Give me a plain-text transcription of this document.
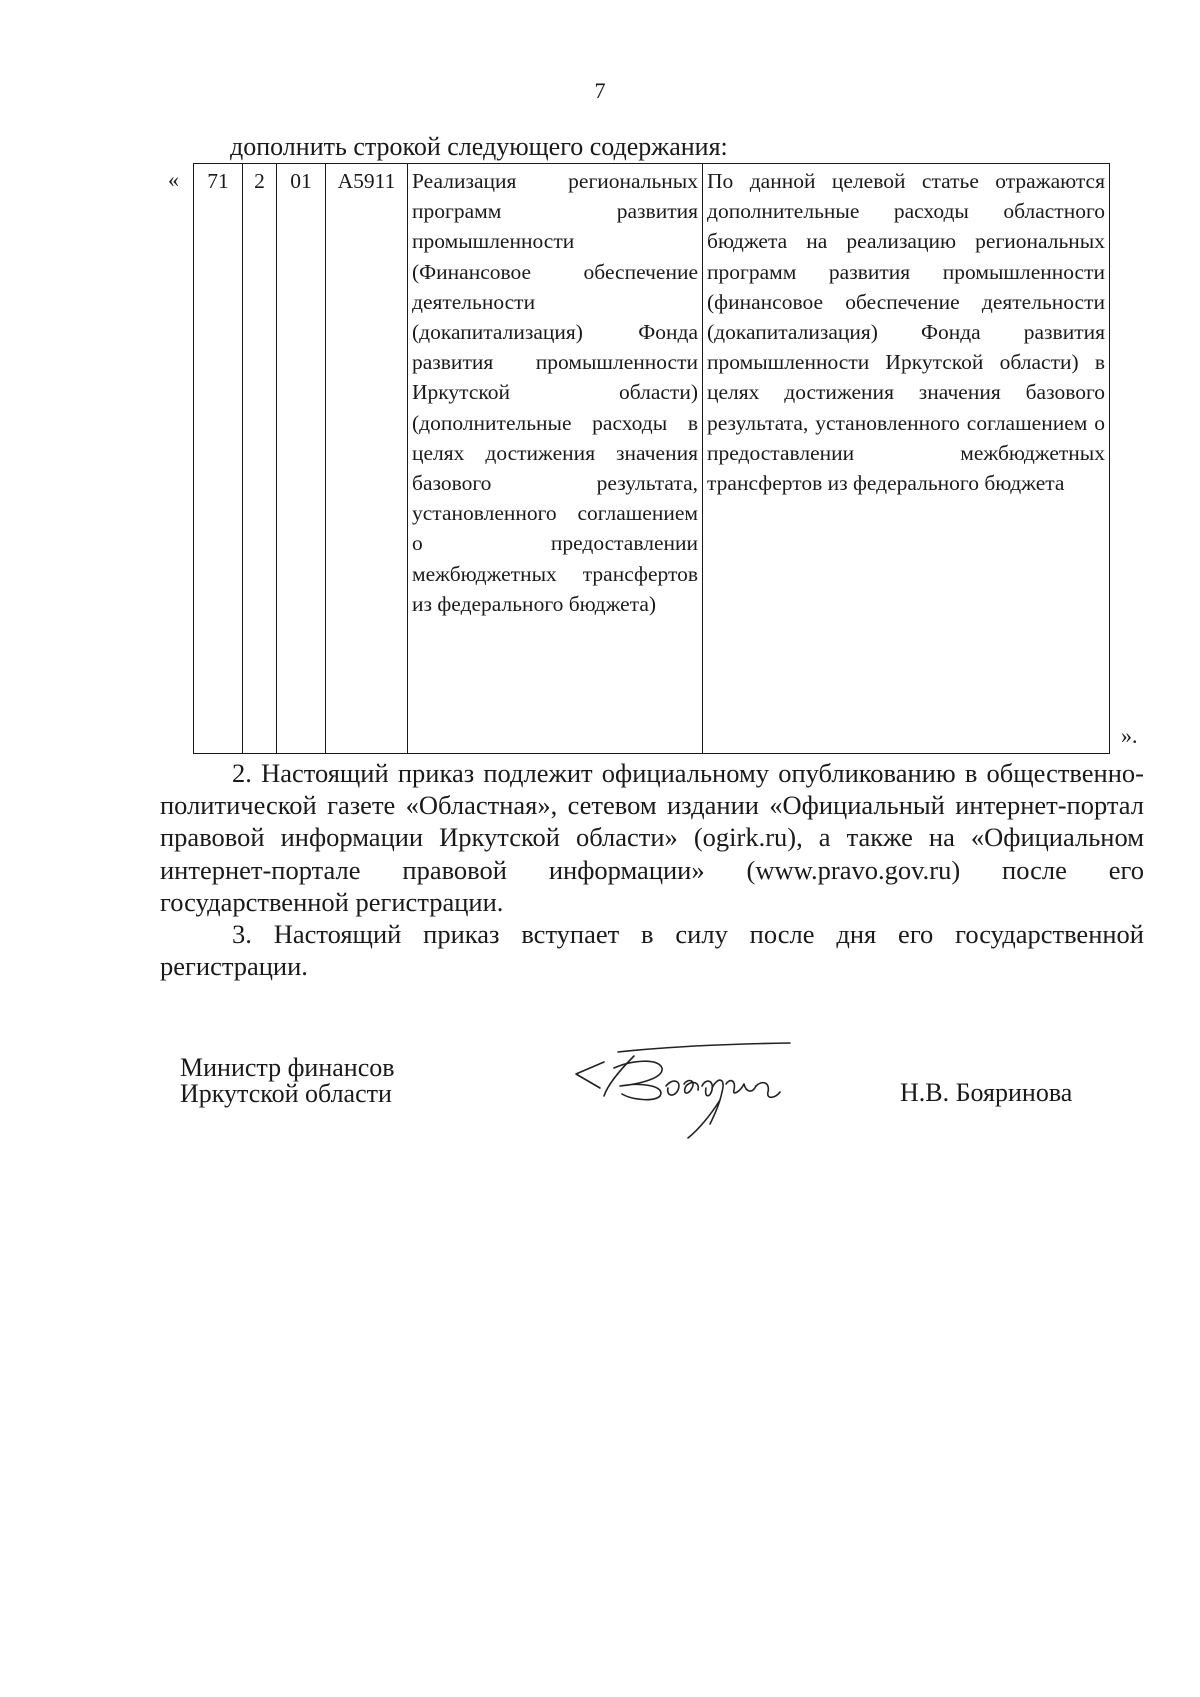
7
дополнить строкой следующего содержания:
« 71	2	01	А5911	Реализация региональных программ развития промышленности (Финансовое обеспечение деятельности (докапитализация) Фонда развития промышленности Иркутской области) (дополнительные расходы в целях достижения значения базового результата, установленного соглашением о предоставлении межбюджетных трансфертов из федерального бюджета)	По данной целевой статье отражаются дополнительные расходы областного бюджета на реализацию региональных программ развития промышленности (финансовое обеспечение деятельности (докапитализация) Фонда развития промышленности Иркутской области) в целях достижения значения базового результата, установленного соглашением о предоставлении межбюджетных трансфертов из федерального бюджета
».
2. Настоящий приказ подлежит официальному опубликованию в общественно-политической газете «Областная», сетевом издании «Официальный интернет-портал правовой информации Иркутской области» (ogirk.ru), а также на «Официальном интернет-портале правовой информации» (www.pravo.gov.ru) после его государственной регистрации.
3. Настоящий приказ вступает в силу после дня его государственной регистрации.
Министр финансов
Иркутской области	Н.В. Бояринова
